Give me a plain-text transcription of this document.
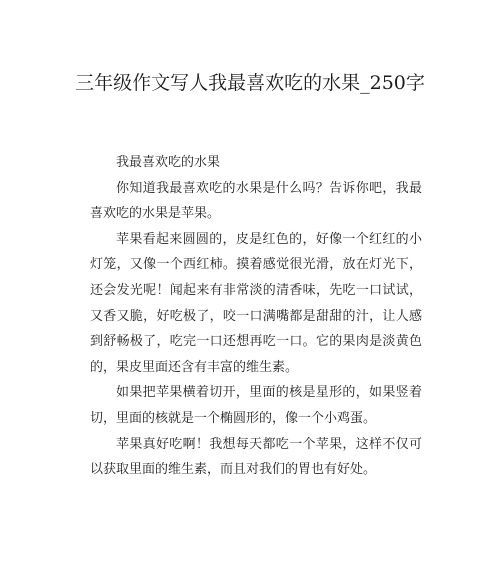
三年级作文写人我最喜欢吃的水果_250字

我最喜欢吃的水果

你知道我最喜欢吃的水果是什么吗？告诉你吧，我最喜欢吃的水果是苹果。

苹果看起来圆圆的，皮是红色的，好像一个红红的小灯笼，又像一个西红柿。摸着感觉很光滑，放在灯光下，还会发光呢！闻起来有非常淡的清香味，先吃一口试试，又香又脆，好吃极了，咬一口满嘴都是甜甜的汁，让人感到舒畅极了，吃完一口还想再吃一口。它的果肉是淡黄色的，果皮里面还含有丰富的维生素。

如果把苹果横着切开，里面的核是星形的，如果竖着切，里面的核就是一个椭圆形的，像一个小鸡蛋。

苹果真好吃啊！我想每天都吃一个苹果，这样不仅可以获取里面的维生素，而且对我们的胃也有好处。
